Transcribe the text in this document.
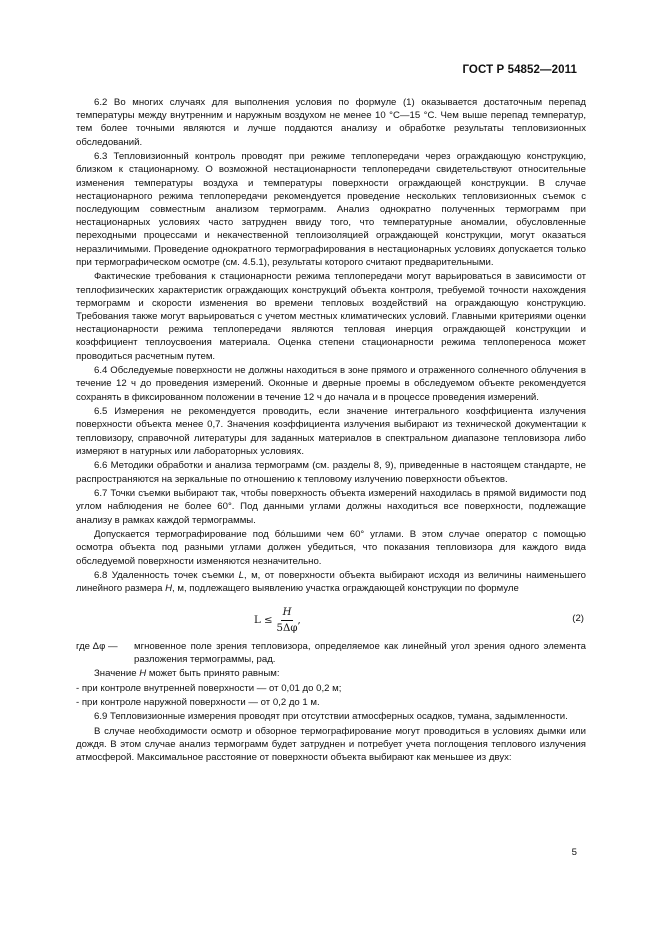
ГОСТ Р 54852—2011

6.2 Во многих случаях для выполнения условия по формуле (1) оказывается достаточным перепад температуры между внутренним и наружным воздухом не менее 10 °С—15 °С. Чем выше перепад температур, тем более точными являются и лучше поддаются анализу и обработке результаты тепловизионных обследований.

6.3 Тепловизионный контроль проводят при режиме теплопередачи через ограждающую конструкцию, близком к стационарному. О возможной нестационарности теплопередачи свидетельствуют относительные изменения температуры воздуха и температуры поверхности ограждающей конструкции. В случае нестационарного режима теплопередачи рекомендуется проведение нескольких тепловизионных съемок с последующим совместным анализом термограмм. Анализ однократно полученных термограмм при нестационарных условиях часто затруднен ввиду того, что температурные аномалии, обусловленные переходными процессами и некачественной теплоизоляцией ограждающей конструкции, могут оказаться неразличимыми. Проведение однократного термографирования в нестационарных условиях допускается только при термографическом осмотре (см. 4.5.1), результаты которого считают предварительными.

Фактические требования к стационарности режима теплопередачи могут варьироваться в зависимости от теплофизических характеристик ограждающих конструкций объекта контроля, требуемой точности нахождения термограмм и скорости изменения во времени тепловых воздействий на ограждающую конструкцию. Требования также могут варьироваться с учетом местных климатических условий. Главными критериями оценки нестационарности режима теплопередачи являются тепловая инерция ограждающей конструкции и коэффициент теплоусвоения материала. Оценка степени стационарности режима теплопереноса может проводиться расчетным путем.

6.4 Обследуемые поверхности не должны находиться в зоне прямого и отраженного солнечного облучения в течение 12 ч до проведения измерений. Оконные и дверные проемы в обследуемом объекте рекомендуется сохранять в фиксированном положении в течение 12 ч до начала и в процессе проведения измерений.

6.5 Измерения не рекомендуется проводить, если значение интегрального коэффициента излучения поверхности объекта менее 0,7. Значения коэффициента излучения выбирают из технической документации к тепловизору, справочной литературы для заданных материалов в спектральном диапазоне тепловизора либо измеряют в натурных или лабораторных условиях.

6.6 Методики обработки и анализа термограмм (см. разделы 8, 9), приведенные в настоящем стандарте, не распространяются на зеркальные по отношению к тепловому излучению поверхности объектов.

6.7 Точки съемки выбирают так, чтобы поверхность объекта измерений находилась в прямой видимости под углом наблюдения не более 60°. Под данными углами должны находиться все поверхности, подлежащие анализу в рамках каждой термограммы.

Допускается термографирование под бо́льшими чем 60° углами. В этом случае оператор с помощью осмотра объекта под разными углами должен убедиться, что показания тепловизора для каждого вида обследуемой поверхности изменяются незначительно.

6.8 Удаленность точек съемки L, м, от поверхности объекта выбирают исходя из величины наименьшего линейного размера H, м, подлежащего выявлению участка ограждающей конструкции по формуле

$L \le \frac{H}{5\Delta\varphi}$ ,	(2)
где Δφ —	мгновенное поле зрения тепловизора, определяемое как линейный угол зрения одного элемента разложения термограммы, рад.

Значение H может быть принято равным:

- при контроле внутренней поверхности — от 0,01 до 0,2 м;

- при контроле наружной поверхности — от 0,2 до 1 м.

6.9 Тепловизионные измерения проводят при отсутствии атмосферных осадков, тумана, задымленности.

В случае необходимости осмотр и обзорное термографирование могут проводиться в условиях дымки или дождя. В этом случае анализ термограмм будет затруднен и потребует учета поглощения теплового излучения атмосферой. Максимальное расстояние от поверхности объекта выбирают как меньшее из двух:

5
